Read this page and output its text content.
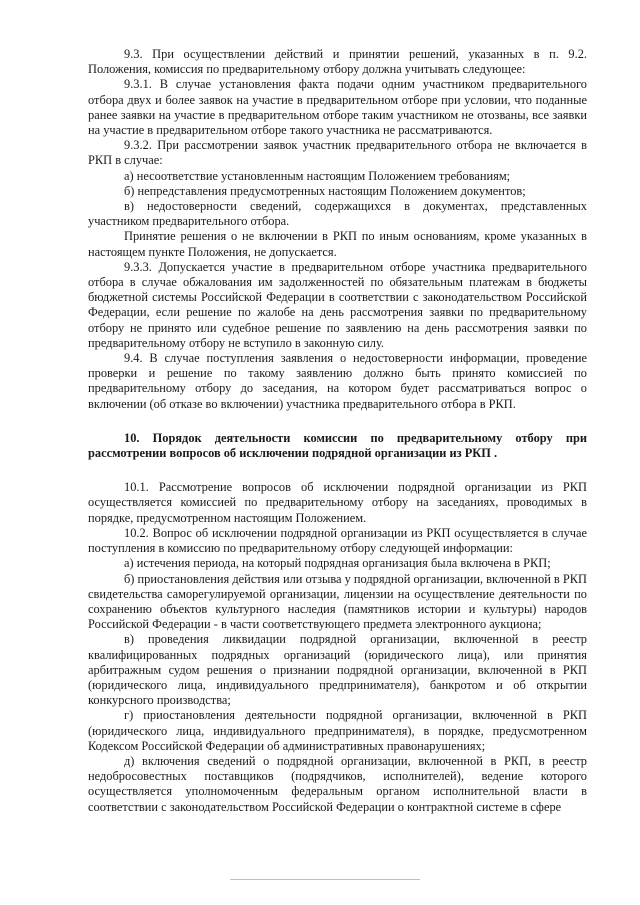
9.3. При осуществлении действий и принятии решений, указанных в п. 9.2. Положения, комиссия по предварительному отбору должна учитывать следующее:

9.3.1. В случае установления факта подачи одним участником предварительного отбора двух и более заявок на участие в предварительном отборе при условии, что поданные ранее заявки на участие в предварительном отборе таким участником не отозваны, все заявки на участие в предварительном отборе такого участника не рассматриваются.

9.3.2. При рассмотрении заявок участник предварительного отбора не включается в РКП в случае:

а) несоответствие установленным настоящим Положением требованиям;

б) непредставления предусмотренных настоящим Положением документов;

в) недостоверности сведений, содержащихся в документах, представленных участником предварительного отбора.

Принятие решения о не включении в РКП по иным основаниям, кроме указанных в настоящем пункте Положения, не допускается.

9.3.3. Допускается участие в предварительном отборе участника предварительного отбора в случае обжалования им задолженностей по обязательным платежам в бюджеты бюджетной системы Российской Федерации в соответствии с законодательством Российской Федерации, если решение по жалобе на день рассмотрения заявки по предварительному отбору не принято или судебное решение по заявлению на день рассмотрения заявки по предварительному отбору не вступило в законную силу.

9.4. В случае поступления заявления о недостоверности информации, проведение проверки и решение по такому заявлению должно быть принято комиссией по предварительному отбору до заседания, на котором будет рассматриваться вопрос о включении (об отказе во включении) участника предварительного отбора в РКП.

10. Порядок деятельности комиссии по предварительному отбору при рассмотрении вопросов об исключении подрядной организации из РКП .

10.1. Рассмотрение вопросов об исключении подрядной организации из РКП осуществляется комиссией по предварительному отбору на заседаниях, проводимых в порядке, предусмотренном настоящим Положением.

10.2. Вопрос об исключении подрядной организации из РКП осуществляется в случае поступления в комиссию по предварительному отбору следующей информации:

а) истечения периода, на который подрядная организация была включена в РКП;

б) приостановления действия или отзыва у подрядной организации, включенной в РКП свидетельства саморегулируемой организации, лицензии на осуществление деятельности по сохранению объектов культурного наследия (памятников истории и культуры) народов Российской Федерации - в части соответствующего предмета электронного аукциона;

в) проведения ликвидации подрядной организации, включенной в реестр квалифицированных подрядных организаций (юридического лица), или принятия арбитражным судом решения о признании подрядной организации, включенной в РКП (юридического лица, индивидуального предпринимателя), банкротом и об открытии конкурсного производства;

г) приостановления деятельности подрядной организации, включенной в РКП (юридического лица, индивидуального предпринимателя), в порядке, предусмотренном Кодексом Российской Федерации об административных правонарушениях;

д) включения сведений о подрядной организации, включенной в РКП, в реестр недобросовестных поставщиков (подрядчиков, исполнителей), ведение которого осуществляется уполномоченным федеральным органом исполнительной власти в соответствии с законодательством Российской Федерации о контрактной системе в сфере
